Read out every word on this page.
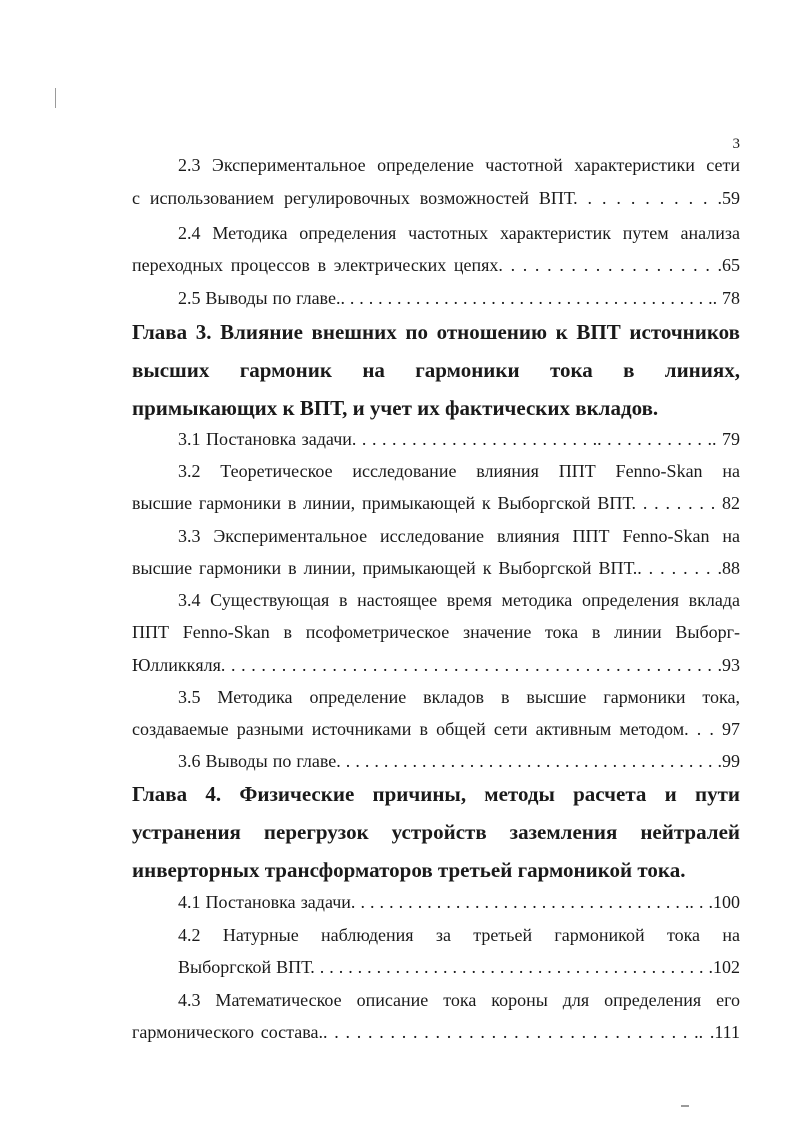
3
2.3 Экспериментальное определение частотной характеристики сети
с использованием регулировочных возможностей ВПТ. . . . . . . . . . .59
2.4 Методика определения частотных характеристик путем анализа
переходных процессов в электрических цепях. . . . . . . . . . . . . . . . . . .65
2.5 Выводы по главе.. . . . . . . . . . . . . . . . . . . . . . . . . . . . . . . . . . . . . . . .. 78
Глава 3. Влияние внешних по отношению к ВПТ источников
высших гармоник на гармоники тока в линиях,
примыкающих к ВПТ, и учет их фактических вкладов.
3.1 Постановка задачи. . . . . . . . . . . . . . . . . . . . . . . . .. . . . . . . . . . . .. 79
3.2 Теоретическое исследование влияния ППТ Fenno-Skan на
высшие гармоники в линии, примыкающей к Выборгской ВПТ. . . . . . . . 82
3.3 Экспериментальное исследование влияния ППТ Fenno-Skan на
высшие гармоники в линии, примыкающей к Выборгской ВПТ.. . . . . . . .88
3.4 Существующая в настоящее время методика определения вклада
ППТ Fenno-Skan в псофометрическое значение тока в линии Выборг-
Юлликкяля. . . . . . . . . . . . . . . . . . . . . . . . . . . . . . . . . . . . . . . . . . . . . . . . . .93
3.5 Методика определение вкладов в высшие гармоники тока,
создаваемые разными источниками в общей сети активным методом. . . 97
3.6 Выводы по главе. . . . . . . . . . . . . . . . . . . . . . . . . . . . . . . . . . . . . . . . .99
Глава 4. Физические причины, методы расчета и пути
устранения перегрузок устройств заземления нейтралей
инверторных трансформаторов третьей гармоникой тока.
4.1 Постановка задачи. . . . . . . . . . . . . . . . . . . . . . . . . . . . . . . . . . . .. . .100
4.2 Натурные наблюдения за третьей гармоникой тока на
Выборгской ВПТ. . . . . . . . . . . . . . . . . . . . . . . . . . . . . . . . . . . . . . . . . . .102
4.3 Математическое описание тока короны для определения его
гармонического состава.. . . . . . . . . . . . . . . . . . . . . . . . . . . . . . . . . .. .111
